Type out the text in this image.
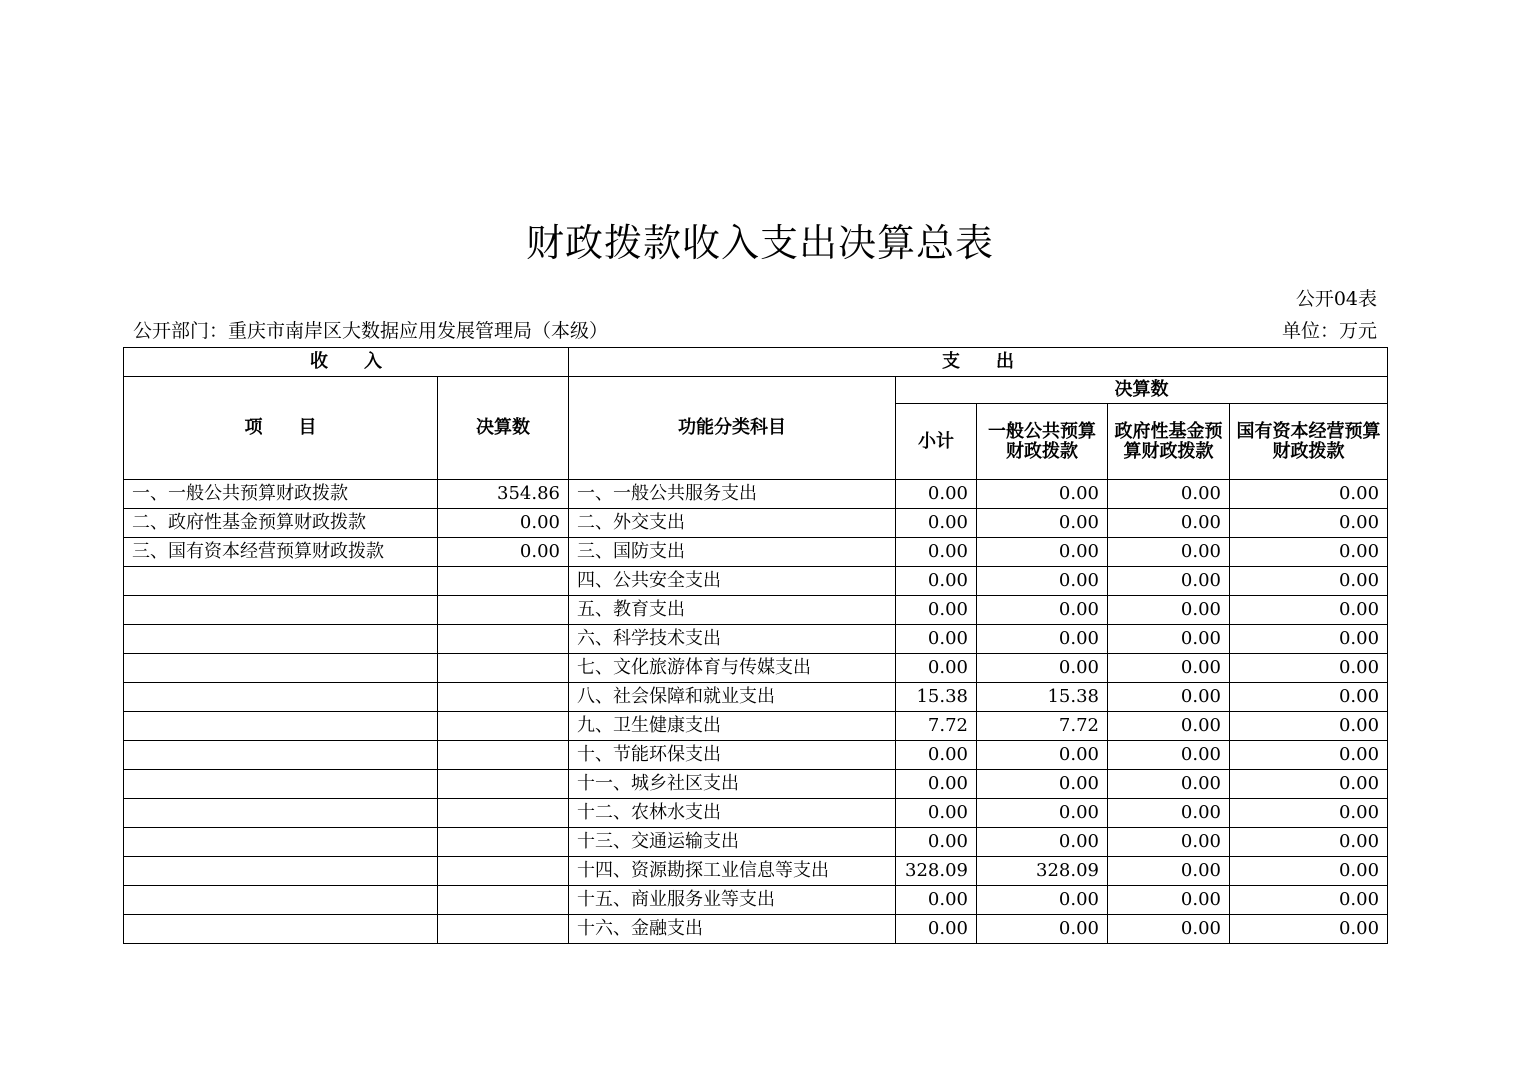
财政拨款收入支出决算总表
公开04表
公开部门：重庆市南岸区大数据应用发展管理局（本级）	单位：万元
收　　入		支　　出				
项　　目	决算数	功能分类科目	决算数			
			小计	一般公共预算财政拨款	政府性基金预算财政拨款	国有资本经营预算财政拨款
一、一般公共预算财政拨款	354.86	一、一般公共服务支出	0.00	0.00	0.00	0.00
二、政府性基金预算财政拨款	0.00	二、外交支出	0.00	0.00	0.00	0.00
三、国有资本经营预算财政拨款	0.00	三、国防支出	0.00	0.00	0.00	0.00
		四、公共安全支出	0.00	0.00	0.00	0.00
		五、教育支出	0.00	0.00	0.00	0.00
		六、科学技术支出	0.00	0.00	0.00	0.00
		七、文化旅游体育与传媒支出	0.00	0.00	0.00	0.00
		八、社会保障和就业支出	15.38	15.38	0.00	0.00
		九、卫生健康支出	7.72	7.72	0.00	0.00
		十、节能环保支出	0.00	0.00	0.00	0.00
		十一、城乡社区支出	0.00	0.00	0.00	0.00
		十二、农林水支出	0.00	0.00	0.00	0.00
		十三、交通运输支出	0.00	0.00	0.00	0.00
		十四、资源勘探工业信息等支出	328.09	328.09	0.00	0.00
		十五、商业服务业等支出	0.00	0.00	0.00	0.00
		十六、金融支出	0.00	0.00	0.00	0.00
